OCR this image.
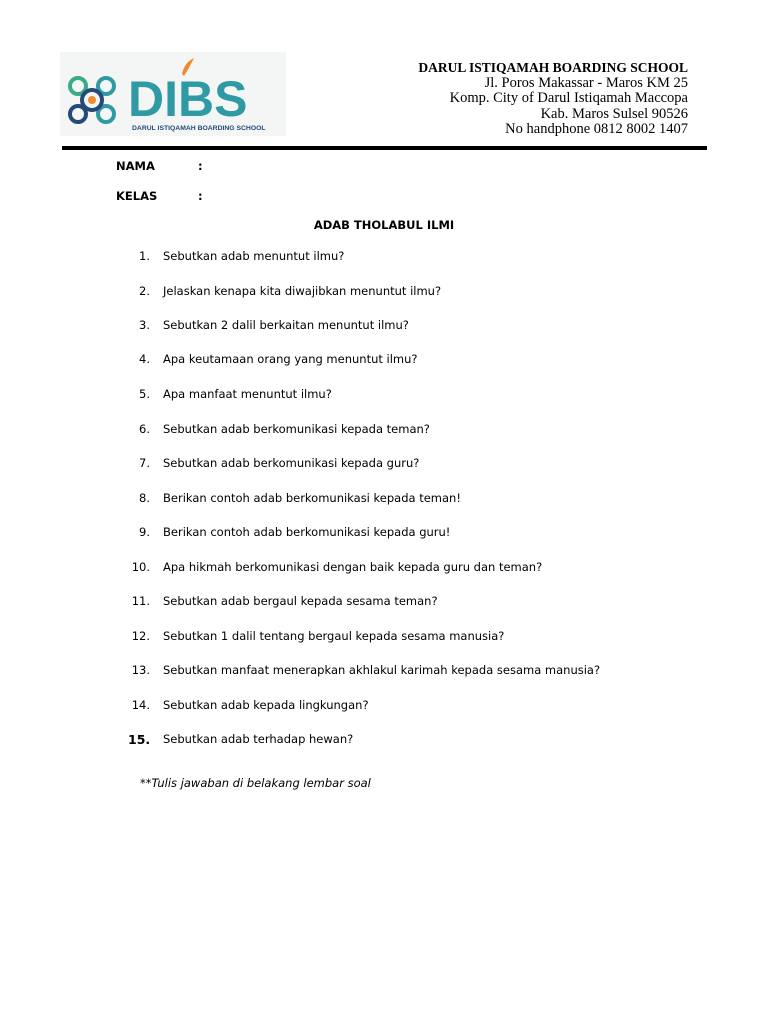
DIBS
DARUL ISTIQAMAH BOARDING SCHOOL
DARUL ISTIQAMAH BOARDING SCHOOL
Jl. Poros Makassar - Maros KM 25
Komp. City of Darul Istiqamah Maccopa
Kab. Maros Sulsel 90526
No handphone 0812 8002 1407
NAMA	:
KELAS	:
ADAB THOLABUL ILMI
1. Sebutkan adab menuntut ilmu?
2. Jelaskan kenapa kita diwajibkan menuntut ilmu?
3. Sebutkan 2 dalil berkaitan menuntut ilmu?
4. Apa keutamaan orang yang menuntut ilmu?
5. Apa manfaat menuntut ilmu?
6. Sebutkan adab berkomunikasi kepada teman?
7. Sebutkan adab berkomunikasi kepada guru?
8. Berikan contoh adab berkomunikasi kepada teman!
9. Berikan contoh adab berkomunikasi kepada guru!
10. Apa hikmah berkomunikasi dengan baik kepada guru dan teman?
11. Sebutkan adab bergaul kepada sesama teman?
12. Sebutkan 1 dalil tentang bergaul kepada sesama manusia?
13. Sebutkan manfaat menerapkan akhlakul karimah kepada sesama manusia?
14. Sebutkan adab kepada lingkungan?
15. Sebutkan adab terhadap hewan?
**Tulis jawaban di belakang lembar soal
